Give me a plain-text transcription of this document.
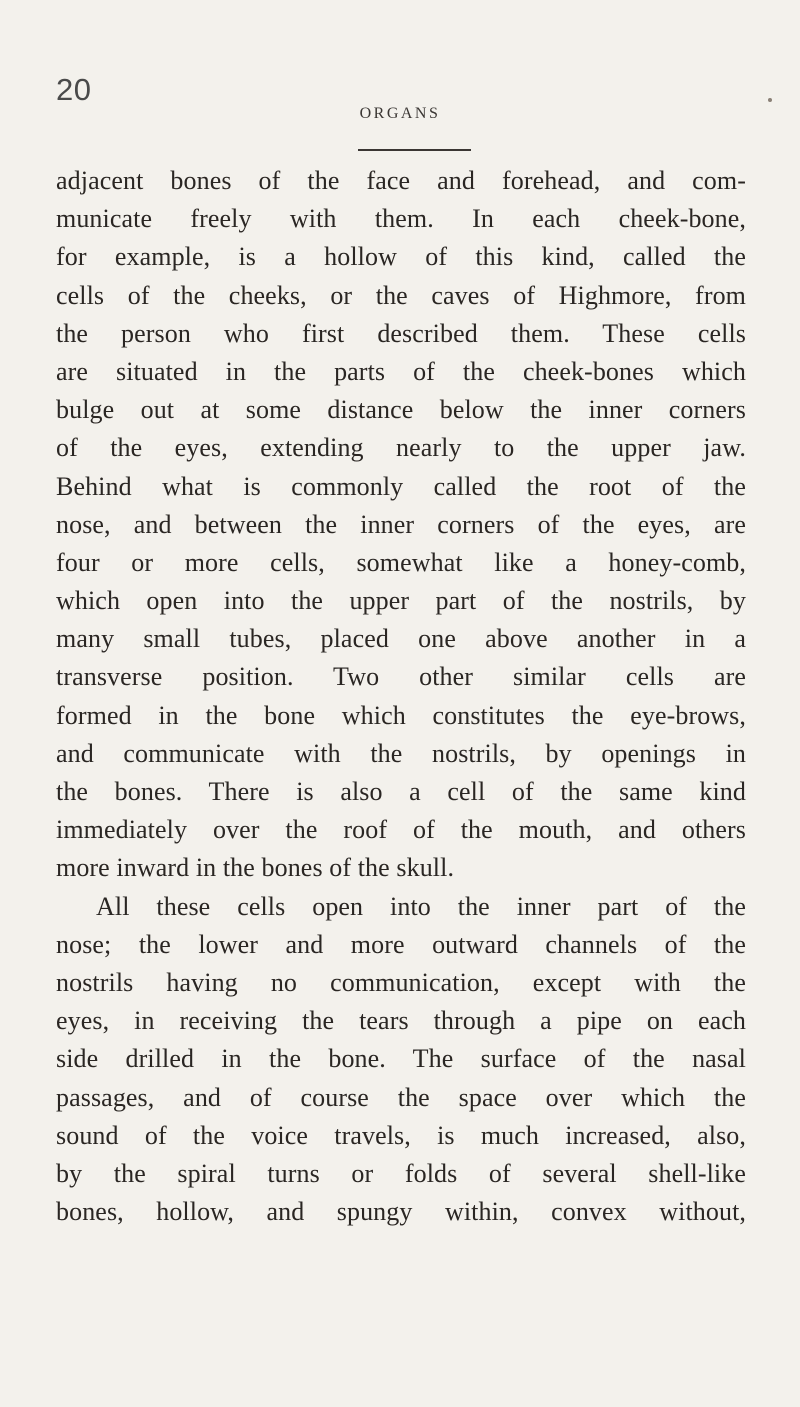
20
ORGANS
adjacent bones of the face and forehead, and com-
municate freely with them. In each cheek-bone,
for example, is a hollow of this kind, called the
cells of the cheeks, or the caves of Highmore, from
the person who first described them. These cells
are situated in the parts of the cheek-bones which
bulge out at some distance below the inner corners
of the eyes, extending nearly to the upper jaw.
Behind what is commonly called the root of the
nose, and between the inner corners of the eyes, are
four or more cells, somewhat like a honey-comb,
which open into the upper part of the nostrils, by
many small tubes, placed one above another in a
transverse position. Two other similar cells are
formed in the bone which constitutes the eye-brows,
and communicate with the nostrils, by openings in
the bones. There is also a cell of the same kind
immediately over the roof of the mouth, and others
more inward in the bones of the skull.
All these cells open into the inner part of the
nose; the lower and more outward channels of the
nostrils having no communication, except with the
eyes, in receiving the tears through a pipe on each
side drilled in the bone. The surface of the nasal
passages, and of course the space over which the
sound of the voice travels, is much increased, also,
by the spiral turns or folds of several shell-like
bones, hollow, and spungy within, convex without,
